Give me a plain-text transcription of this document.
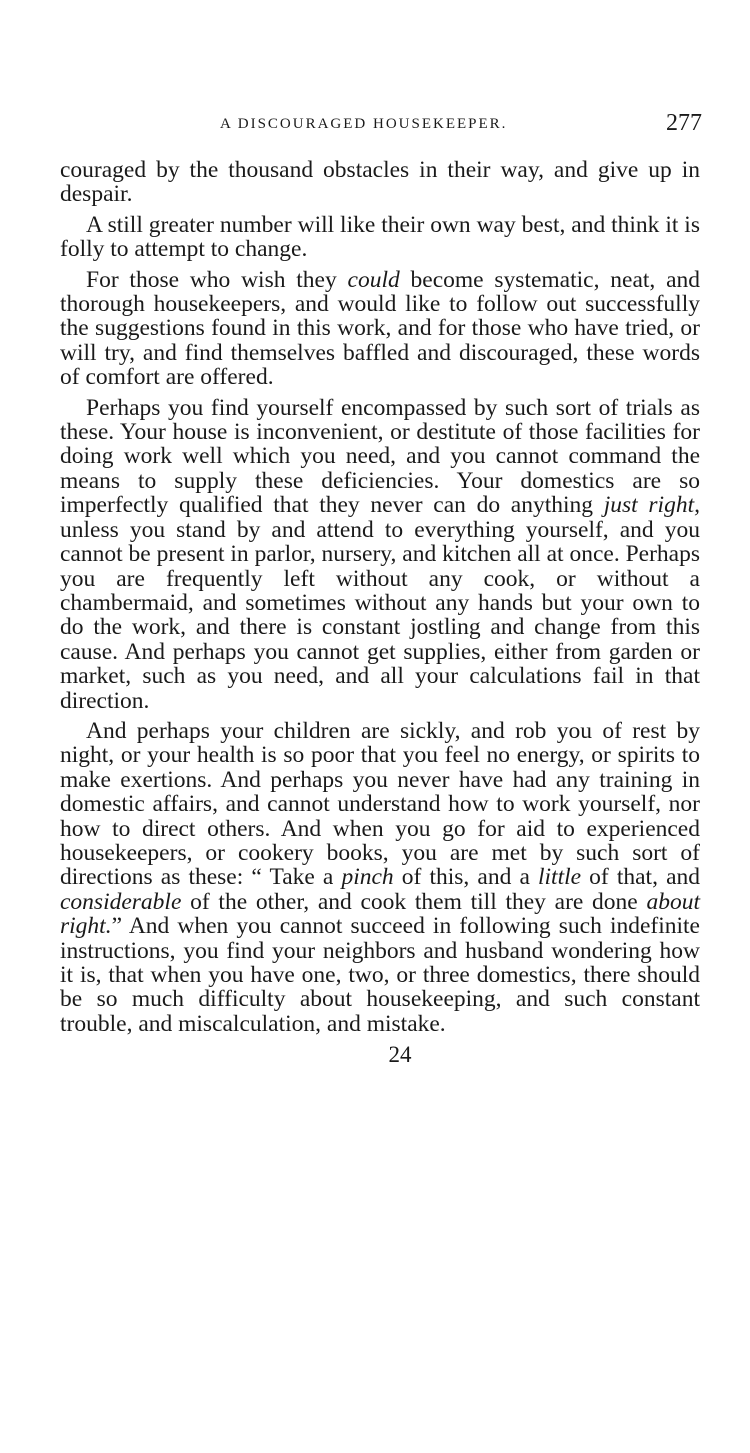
A DISCOURAGED HOUSEKEEPER.	277

couraged by the thousand obstacles in their way, and give up in despair.

A still greater number will like their own way best, and think it is folly to attempt to change.

For those who wish they could become systematic, neat, and thorough housekeepers, and would like to follow out successfully the suggestions found in this work, and for those who have tried, or will try, and find themselves baffled and discouraged, these words of comfort are offered.

Perhaps you find yourself encompassed by such sort of trials as these. Your house is inconvenient, or destitute of those facilities for doing work well which you need, and you cannot command the means to supply these deficiencies. Your domestics are so imperfectly qualified that they never can do anything just right, unless you stand by and attend to everything yourself, and you cannot be present in parlor, nursery, and kitchen all at once. Perhaps you are frequently left without any cook, or without a chambermaid, and sometimes without any hands but your own to do the work, and there is constant jostling and change from this cause. And perhaps you cannot get supplies, either from garden or market, such as you need, and all your calculations fail in that direction.

And perhaps your children are sickly, and rob you of rest by night, or your health is so poor that you feel no energy, or spirits to make exertions. And perhaps you never have had any training in domestic affairs, and cannot understand how to work yourself, nor how to direct others. And when you go for aid to experienced housekeepers, or cookery books, you are met by such sort of directions as these: “ Take a pinch of this, and a little of that, and considerable of the other, and cook them till they are done about right.” And when you cannot succeed in following such indefinite instructions, you find your neighbors and husband wondering how it is, that when you have one, two, or three domestics, there should be so much difficulty about housekeeping, and such constant trouble, and miscalculation, and mistake.

24
